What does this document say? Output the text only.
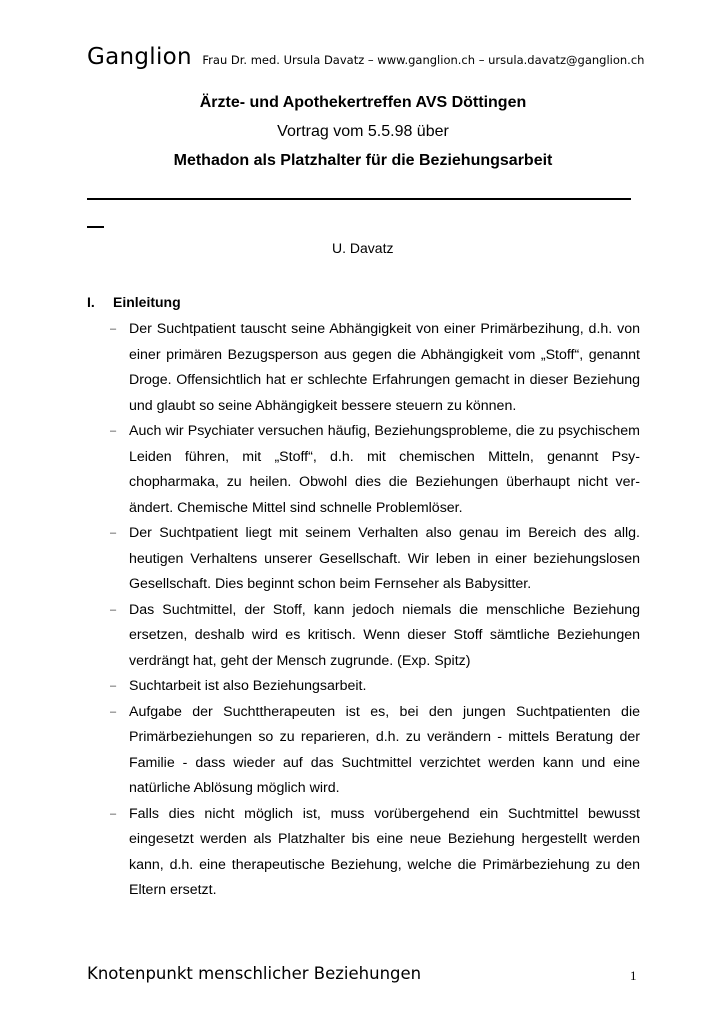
Ganglion Frau Dr. med. Ursula Davatz – www.ganglion.ch – ursula.davatz@ganglion.ch
Ärzte- und Apothekertreffen AVS Döttingen
Vortrag vom 5.5.98 über
Methadon als Platzhalter für die Beziehungsarbeit
U. Davatz
I. Einleitung
– Der Suchtpatient tauscht seine Abhängigkeit von einer Primärbezihung, d.h. von einer primären Bezugsperson aus gegen die Abhängigkeit vom „Stoff“, genannt Droge. Offensichtlich hat er schlechte Erfahrungen gemacht in dieser Beziehung und glaubt so seine Abhängigkeit bessere steuern zu können.
– Auch wir Psychiater versuchen häufig, Beziehungsprobleme, die zu psychischem Leiden führen, mit „Stoff“, d.h. mit chemischen Mitteln, genannt Psychopharmaka, zu heilen. Obwohl dies die Beziehungen überhaupt nicht verändert. Chemische Mittel sind schnelle Problemlöser.
– Der Suchtpatient liegt mit seinem Verhalten also genau im Bereich des allg. heutigen Verhaltens unserer Gesellschaft. Wir leben in einer beziehungslosen Gesellschaft. Dies beginnt schon beim Fernseher als Babysitter.
– Das Suchtmittel, der Stoff, kann jedoch niemals die menschliche Beziehung ersetzen, deshalb wird es kritisch. Wenn dieser Stoff sämtliche Beziehungen verdrängt hat, geht der Mensch zugrunde. (Exp. Spitz)
– Suchtarbeit ist also Beziehungsarbeit.
– Aufgabe der Suchttherapeuten ist es, bei den jungen Suchtpatienten die Primärbeziehungen so zu reparieren, d.h. zu verändern - mittels Beratung der Familie - dass wieder auf das Suchtmittel verzichtet werden kann und eine natürliche Ablösung möglich wird.
– Falls dies nicht möglich ist, muss vorübergehend ein Suchtmittel bewusst eingesetzt werden als Platzhalter bis eine neue Beziehung hergestellt werden kann, d.h. eine therapeutische Beziehung, welche die Primärbeziehung zu den Eltern ersetzt.
Knotenpunkt menschlicher Beziehungen	1
